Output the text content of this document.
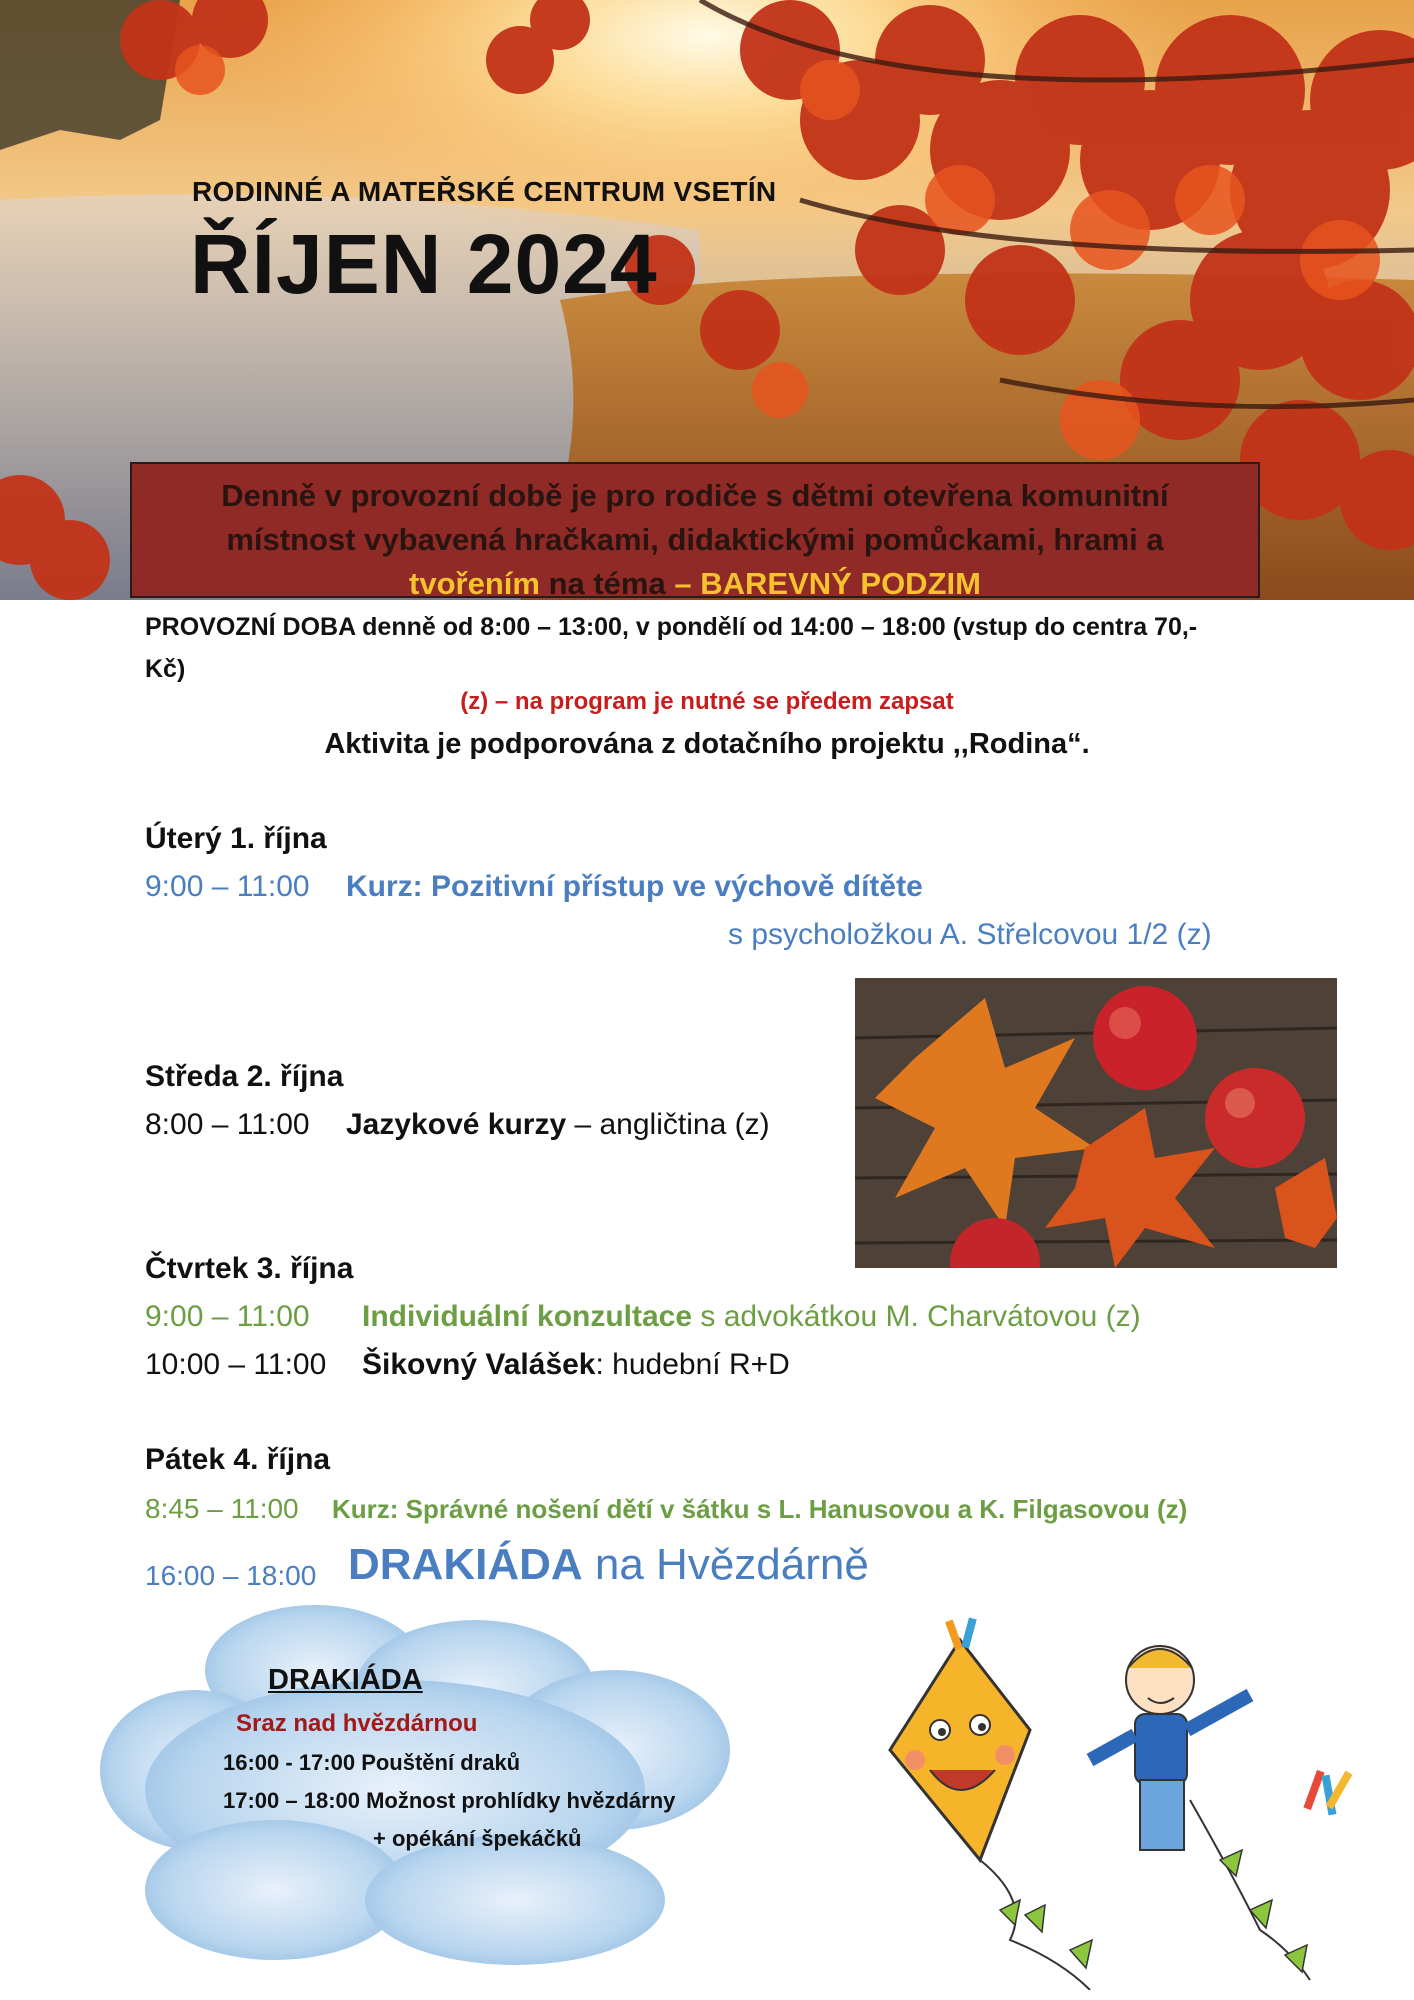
RODINNÉ A MATEŘSKÉ CENTRUM VSETÍN
ŘÍJEN 2024
Denně v provozní době je pro rodiče s dětmi otevřena komunitní
místnost vybavená hračkami, didaktickými pomůckami, hrami a
tvořením na téma – BAREVNÝ PODZIM
PROVOZNÍ DOBA denně od 8:00 – 13:00, v pondělí od 14:00 – 18:00 (vstup do centra 70,- Kč)
(z) – na program je nutné se předem zapsat
Aktivita je podporována z dotačního projektu ,,Rodina“.
Úterý 1. října
9:00 – 11:00 Kurz: Pozitivní přístup ve výchově dítěte
s psycholožkou A. Střelcovou 1/2 (z)
Středa 2. října
8:00 – 11:00 Jazykové kurzy – angličtina (z)
Čtvrtek 3. října
9:00 – 11:00 Individuální konzultace s advokátkou M. Charvátovou (z)
10:00 – 11:00 Šikovný Valášek: hudební R+D
Pátek 4. října
8:45 – 11:00 Kurz: Správné nošení dětí v šátku s L. Hanusovou a K. Filgasovou (z)
16:00 – 18:00 DRAKIÁDA na Hvězdárně
DRAKIÁDA
Sraz nad hvězdárnou
16:00 - 17:00 Pouštění draků
17:00 – 18:00 Možnost prohlídky hvězdárny
+ opékání špekáčků
